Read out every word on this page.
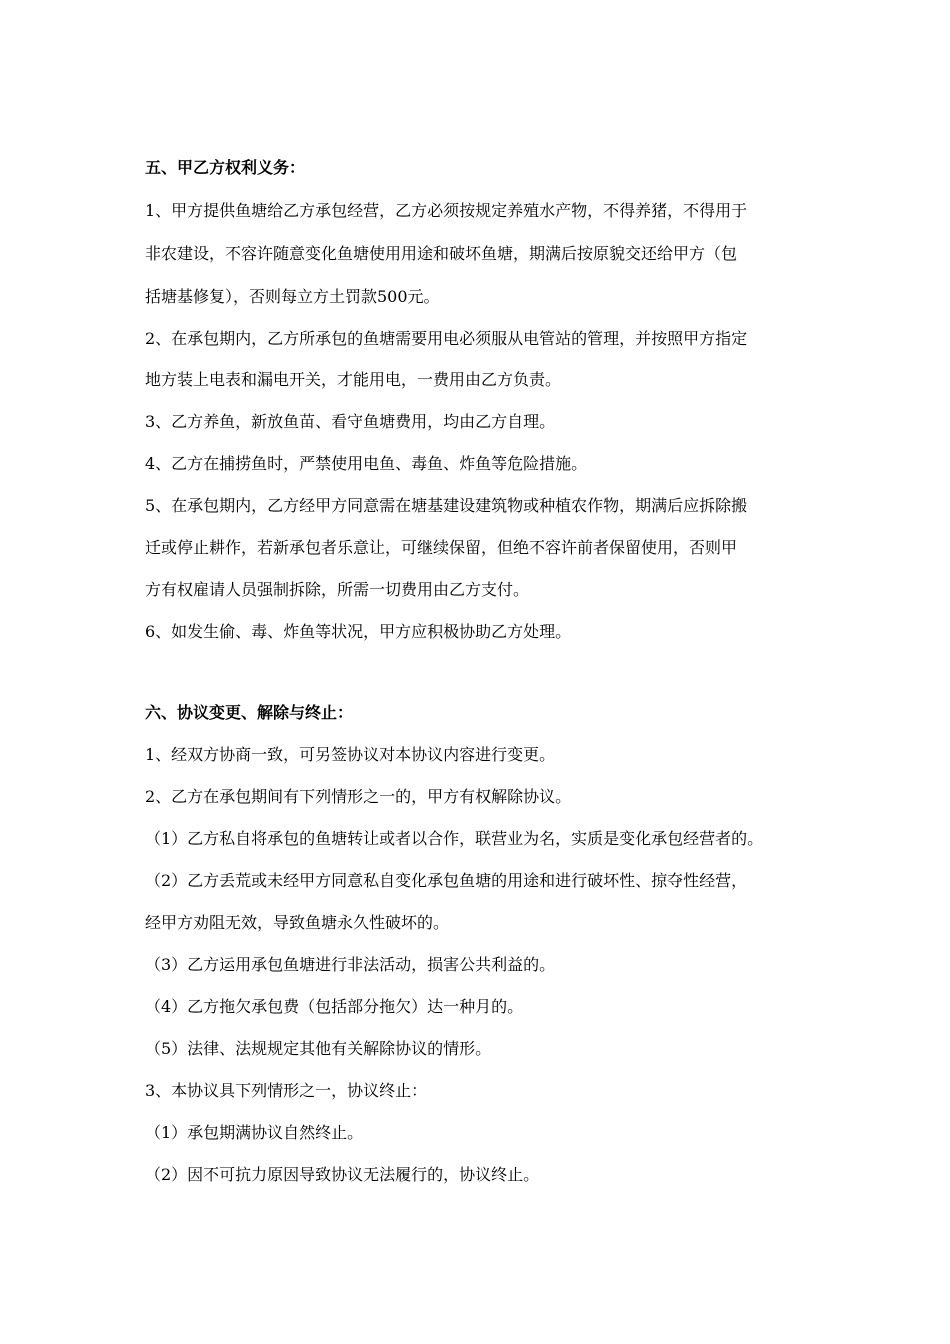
五、甲乙方权利义务：
1、甲方提供鱼塘给乙方承包经营，乙方必须按规定养殖水产物，不得养猪，不得用于
非农建设，不容许随意变化鱼塘使用用途和破坏鱼塘，期满后按原貌交还给甲方（包
括塘基修复），否则每立方土罚款500元。
2、在承包期内，乙方所承包的鱼塘需要用电必须服从电管站的管理，并按照甲方指定
地方装上电表和漏电开关，才能用电，一费用由乙方负责。
3、乙方养鱼，新放鱼苗、看守鱼塘费用，均由乙方自理。
4、乙方在捕捞鱼时，严禁使用电鱼、毒鱼、炸鱼等危险措施。
5、在承包期内，乙方经甲方同意需在塘基建设建筑物或种植农作物，期满后应拆除搬
迁或停止耕作，若新承包者乐意让，可继续保留，但绝不容许前者保留使用，否则甲
方有权雇请人员强制拆除，所需一切费用由乙方支付。
6、如发生偷、毒、炸鱼等状况，甲方应积极协助乙方处理。
六、协议变更、解除与终止：
1、经双方协商一致，可另签协议对本协议内容进行变更。
2、乙方在承包期间有下列情形之一的，甲方有权解除协议。
（1）乙方私自将承包的鱼塘转让或者以合作，联营业为名，实质是变化承包经营者的。
（2）乙方丢荒或未经甲方同意私自变化承包鱼塘的用途和进行破坏性、掠夺性经营，
经甲方劝阻无效，导致鱼塘永久性破坏的。
（3）乙方运用承包鱼塘进行非法活动，损害公共利益的。
（4）乙方拖欠承包费（包括部分拖欠）达一种月的。
（5）法律、法规规定其他有关解除协议的情形。
3、本协议具下列情形之一，协议终止：
（1）承包期满协议自然终止。
（2）因不可抗力原因导致协议无法履行的，协议终止。
